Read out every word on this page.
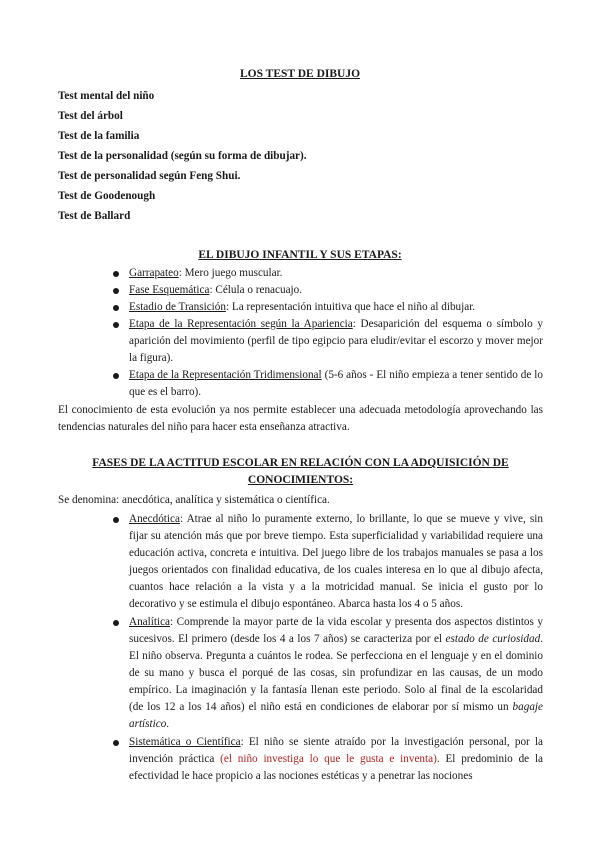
LOS TEST DE DIBUJO
Test mental del niño
Test del árbol
Test de la familia
Test de la personalidad (según su forma de dibujar).
Test de personalidad según Feng Shui.
Test de Goodenough
Test de Ballard
EL DIBUJO INFANTIL Y SUS ETAPAS:
Garrapateo: Mero juego muscular.
Fase Esquemática: Célula o renacuajo.
Estadio de Transición: La representación intuitiva que hace el niño al dibujar.
Etapa de la Representación según la Apariencia: Desaparición del esquema o símbolo y aparición del movimiento (perfil de tipo egipcio para eludir/evitar el escorzo y mover mejor la figura).
Etapa de la Representación Tridimensional (5-6 años - El niño empieza a tener sentido de lo que es el barro).
El conocimiento de esta evolución ya nos permite establecer una adecuada metodología aprovechando las tendencias naturales del niño para hacer esta enseñanza atractiva.
FASES DE LA ACTITUD ESCOLAR EN RELACIÓN CON LA ADQUISICIÓN DE CONOCIMIENTOS:
Se denomina: anecdótica, analítica y sistemática o científica.
Anecdótica: Atrae al niño lo puramente externo, lo brillante, lo que se mueve y vive, sin fijar su atención más que por breve tiempo. Esta superficialidad y variabilidad requiere una educación activa, concreta e intuitiva. Del juego libre de los trabajos manuales se pasa a los juegos orientados con finalidad educativa, de los cuales interesa en lo que al dibujo afecta, cuantos hace relación a la vista y a la motricidad manual. Se inicia el gusto por lo decorativo y se estimula el dibujo espontáneo. Abarca hasta los 4 o 5 años.
Analítica: Comprende la mayor parte de la vida escolar y presenta dos aspectos distintos y sucesivos. El primero (desde los 4 a los 7 años) se caracteriza por el estado de curiosidad. El niño observa. Pregunta a cuántos le rodea. Se perfecciona en el lenguaje y en el dominio de su mano y busca el porqué de las cosas, sin profundizar en las causas, de un modo empírico. La imaginación y la fantasía llenan este periodo. Solo al final de la escolaridad (de los 12 a los 14 años) el niño está en condiciones de elaborar por sí mismo un bagaje artístico.
Sistemática o Científica: El niño se siente atraído por la investigación personal, por la invención práctica (el niño investiga lo que le gusta e inventa). El predominio de la efectividad le hace propicio a las nociones estéticas y a penetrar las nociones
